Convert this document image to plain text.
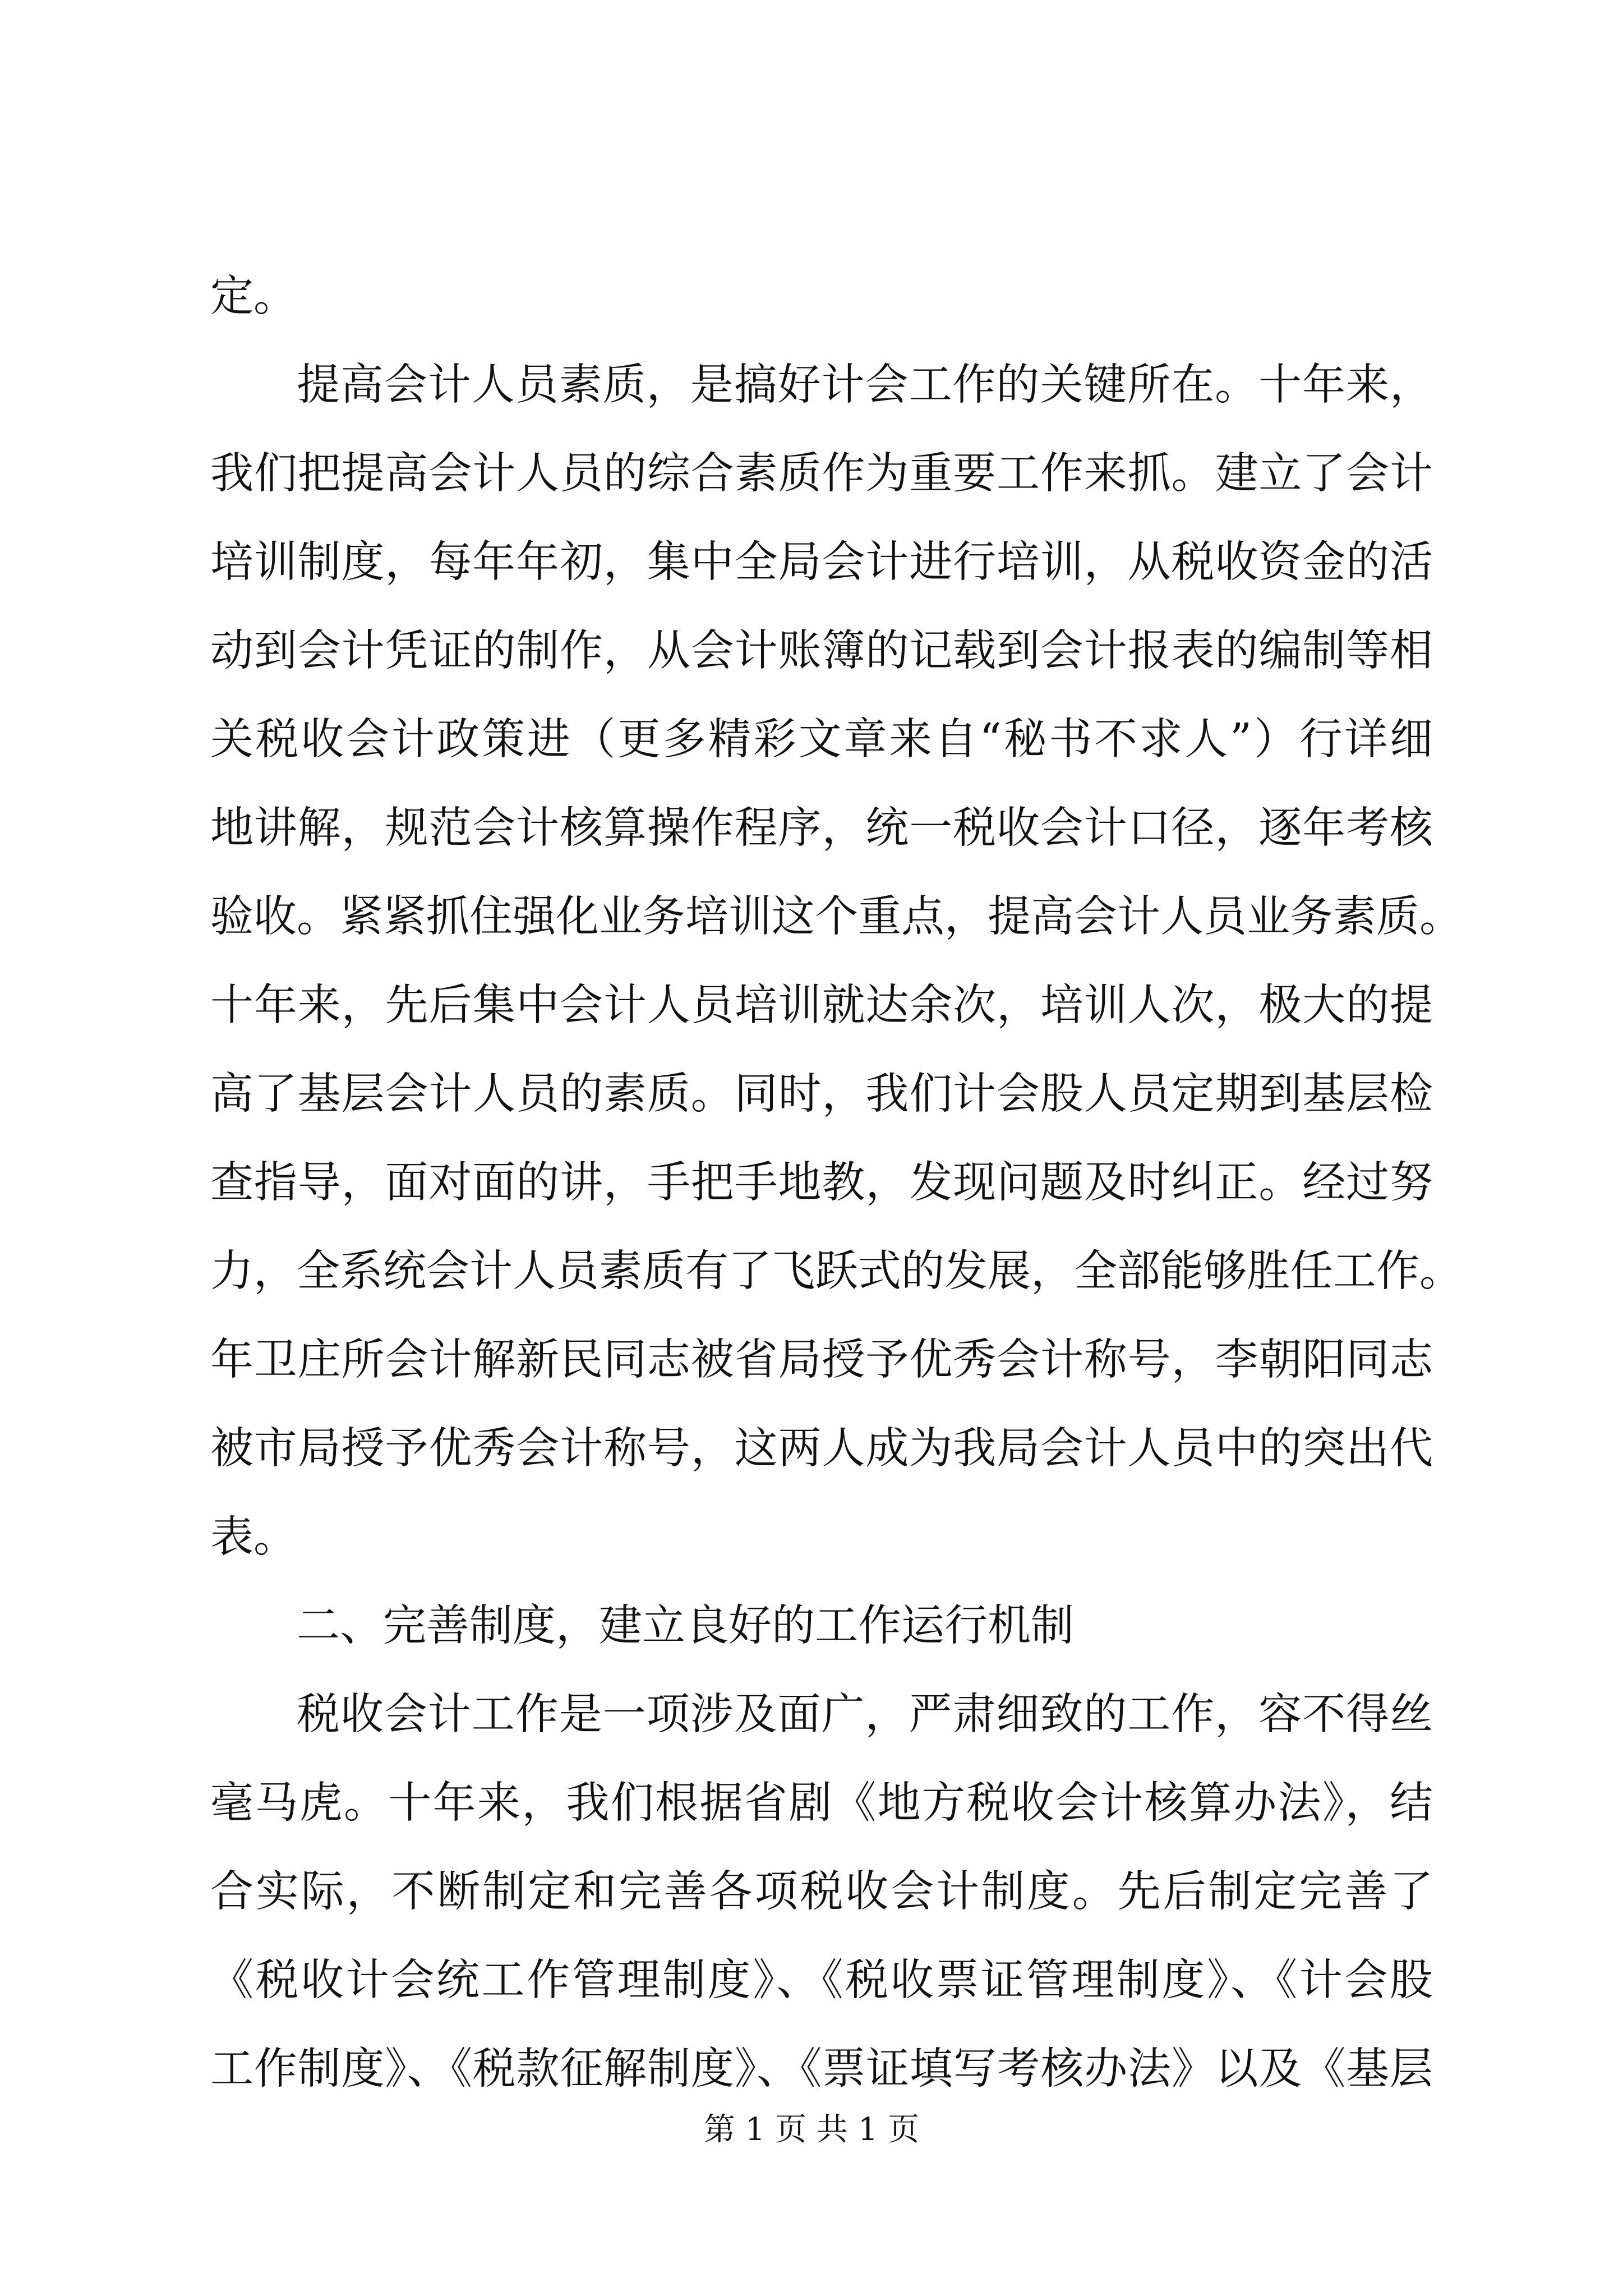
定。
提高会计人员素质，是搞好计会工作的关键所在。十年来，
我们把提高会计人员的综合素质作为重要工作来抓。建立了会计
培训制度，每年年初，集中全局会计进行培训，从税收资金的活
动到会计凭证的制作，从会计账簿的记载到会计报表的编制等相
关税收会计政策进（更多精彩文章来自“秘书不求人”）行详细
地讲解，规范会计核算操作程序，统一税收会计口径，逐年考核
验收。紧紧抓住强化业务培训这个重点，提高会计人员业务素质。
十年来，先后集中会计人员培训就达余次，培训人次，极大的提
高了基层会计人员的素质。同时，我们计会股人员定期到基层检
查指导，面对面的讲，手把手地教，发现问题及时纠正。经过努
力，全系统会计人员素质有了飞跃式的发展，全部能够胜任工作。
年卫庄所会计解新民同志被省局授予优秀会计称号，李朝阳同志
被市局授予优秀会计称号，这两人成为我局会计人员中的突出代
表。
二、完善制度，建立良好的工作运行机制
税收会计工作是一项涉及面广，严肃细致的工作，容不得丝
毫马虎。十年来，我们根据省剧《地方税收会计核算办法》，结
合实际，不断制定和完善各项税收会计制度。先后制定完善了
《税收计会统工作管理制度》、《税收票证管理制度》、《计会股
工作制度》、《税款征解制度》、《票证填写考核办法》以及《基层
第 1 页 共 1 页
